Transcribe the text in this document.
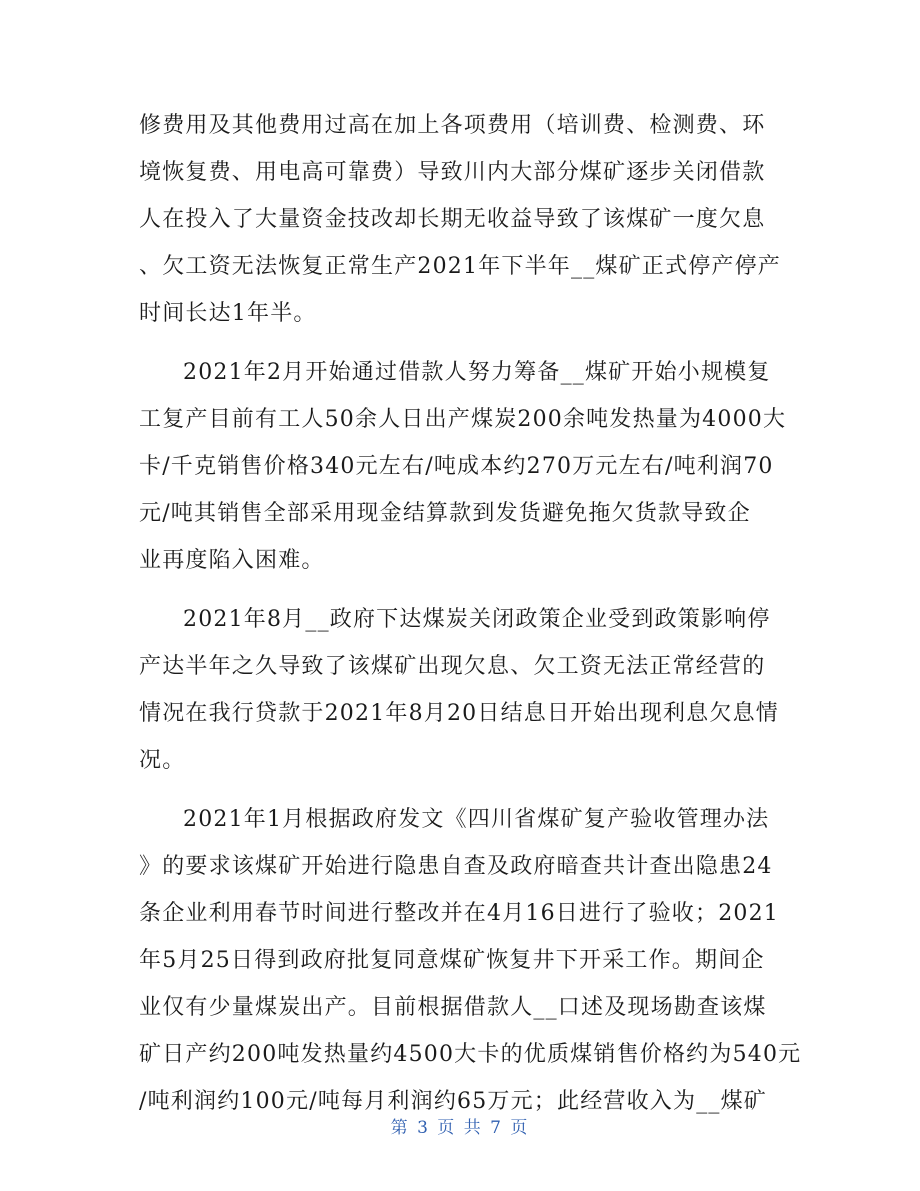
修费用及其他费用过高在加上各项费用（培训费、检测费、环
境恢复费、用电高可靠费）导致川内大部分煤矿逐步关闭借款
人在投入了大量资金技改却长期无收益导致了该煤矿一度欠息
、欠工资无法恢复正常生产2021年下半年__煤矿正式停产停产
时间长达1年半。
2021年2月开始通过借款人努力筹备__煤矿开始小规模复
工复产目前有工人50余人日出产煤炭200余吨发热量为4000大
卡/千克销售价格340元左右/吨成本约270万元左右/吨利润70
元/吨其销售全部采用现金结算款到发货避免拖欠货款导致企
业再度陷入困难。
2021年8月__政府下达煤炭关闭政策企业受到政策影响停
产达半年之久导致了该煤矿出现欠息、欠工资无法正常经营的
情况在我行贷款于2021年8月20日结息日开始出现利息欠息情
况。
2021年1月根据政府发文《四川省煤矿复产验收管理办法
》的要求该煤矿开始进行隐患自查及政府暗查共计查出隐患24
条企业利用春节时间进行整改并在4月16日进行了验收；2021
年5月25日得到政府批复同意煤矿恢复井下开采工作。期间企
业仅有少量煤炭出产。目前根据借款人__口述及现场勘查该煤
矿日产约200吨发热量约4500大卡的优质煤销售价格约为540元
/吨利润约100元/吨每月利润约65万元；此经营收入为__煤矿
第 3 页 共 7 页
